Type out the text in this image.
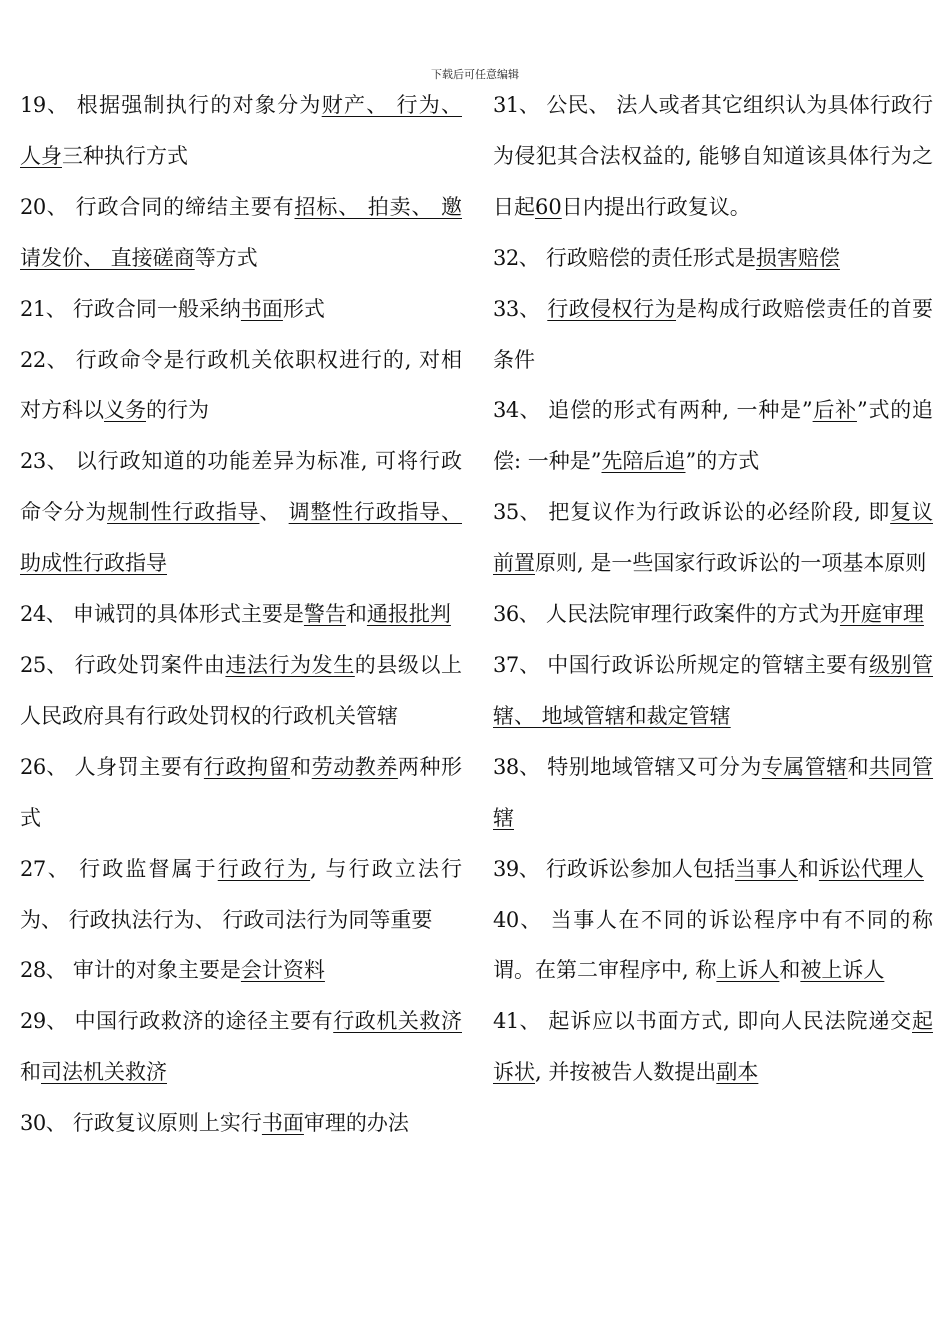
下载后可任意编辑

19、 根据强制执行的对象分为财产、 行为、 人身三种执行方式

20、 行政合同的缔结主要有招标、 拍卖、 邀请发价、 直接磋商等方式

21、 行政合同一般采纳书面形式

22、 行政命令是行政机关依职权进行的, 对相对方科以义务的行为

23、 以行政知道的功能差异为标准, 可将行政命令分为规制性行政指导、 调整性行政指导、 助成性行政指导

24、 申诫罚的具体形式主要是警告和通报批判

25、 行政处罚案件由违法行为发生的县级以上人民政府具有行政处罚权的行政机关管辖

26、 人身罚主要有行政拘留和劳动教养两种形式

27、 行政监督属于行政行为, 与行政立法行为、 行政执法行为、 行政司法行为同等重要

28、 审计的对象主要是会计资料

29、 中国行政救济的途径主要有行政机关救济和司法机关救济

30、 行政复议原则上实行书面审理的办法

31、 公民、 法人或者其它组织认为具体行政行为侵犯其合法权益的, 能够自知道该具体行为之日起60日内提出行政复议。

32、 行政赔偿的责任形式是损害赔偿

33、 行政侵权行为是构成行政赔偿责任的首要条件

34、 追偿的形式有两种, 一种是”后补”式的追偿: 一种是”先陪后追”的方式

35、 把复议作为行政诉讼的必经阶段, 即复议前置原则, 是一些国家行政诉讼的一项基本原则

36、 人民法院审理行政案件的方式为开庭审理

37、 中国行政诉讼所规定的管辖主要有级别管辖、 地域管辖和裁定管辖

38、 特别地域管辖又可分为专属管辖和共同管辖

39、 行政诉讼参加人包括当事人和诉讼代理人

40、 当事人在不同的诉讼程序中有不同的称谓。在第二审程序中, 称上诉人和被上诉人

41、 起诉应以书面方式, 即向人民法院递交起诉状, 并按被告人数提出副本
